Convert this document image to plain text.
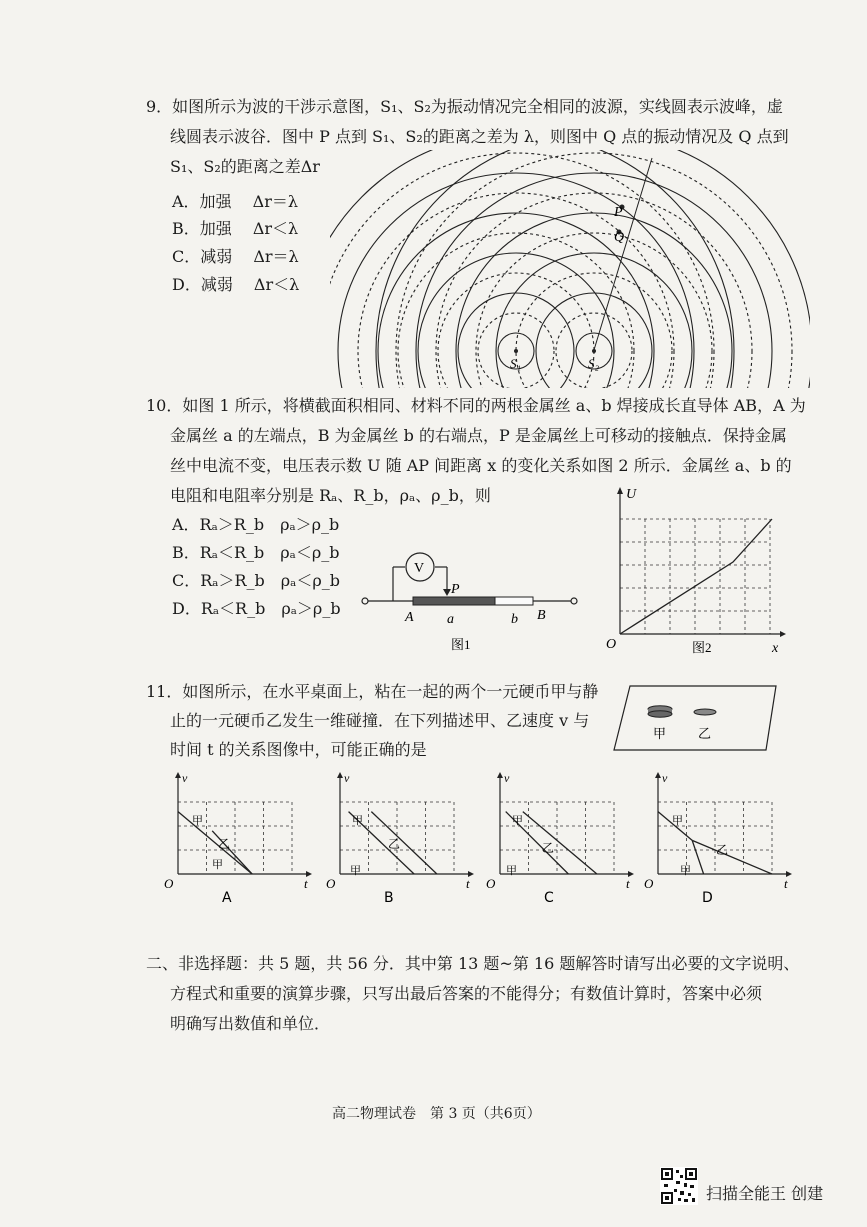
9．如图所示为波的干涉示意图，S₁、S₂为振动情况完全相同的波源，实线圆表示波峰，虚
线圆表示波谷．图中 P 点到 S₁、S₂的距离之差为 λ，则图中 Q 点的振动情况及 Q 点到
S₁、S₂的距离之差Δr
A．加强　 Δr＝λ
B．加强　 Δr＜λ
C．减弱　 Δr＝λ
D．减弱　 Δr＜λ
P
Q
S₁	S₂
10．如图 1 所示，将横截面积相同、材料不同的两根金属丝 a、b 焊接成长直导体 AB，A 为
金属丝 a 的左端点，B 为金属丝 b 的右端点，P 是金属丝上可移动的接触点．保持金属
丝中电流不变，电压表示数 U 随 AP 间距离 x 的变化关系如图 2 所示．金属丝 a、b 的
电阻和电阻率分别是 Rₐ、R_b，ρₐ、ρ_b，则
A．Rₐ＞R_b　ρₐ＞ρ_b
B．Rₐ＜R_b　ρₐ＜ρ_b
C．Rₐ＞R_b　ρₐ＜ρ_b
D．Rₐ＜R_b　ρₐ＞ρ_b
V
P
A	B
a	b
图1
U
x
O	图2
11．如图所示，在水平桌面上，粘在一起的两个一元硬币甲与静
止的一元硬币乙发生一维碰撞．在下列描述甲、乙速度 v 与
时间 t 的关系图像中，可能正确的是
甲 乙
v
t
O
甲
乙
甲
A
v
t
O
甲
乙
甲
B
v
t
O
甲
乙
甲
C
v
t
O
甲
乙
甲
D
二、非选择题：共 5 题，共 56 分．其中第 13 题~第 16 题解答时请写出必要的文字说明、
方程式和重要的演算步骤，只写出最后答案的不能得分；有数值计算时，答案中必须
明确写出数值和单位．
高二物理试卷　第 3 页（共6页）
扫描全能王 创建
